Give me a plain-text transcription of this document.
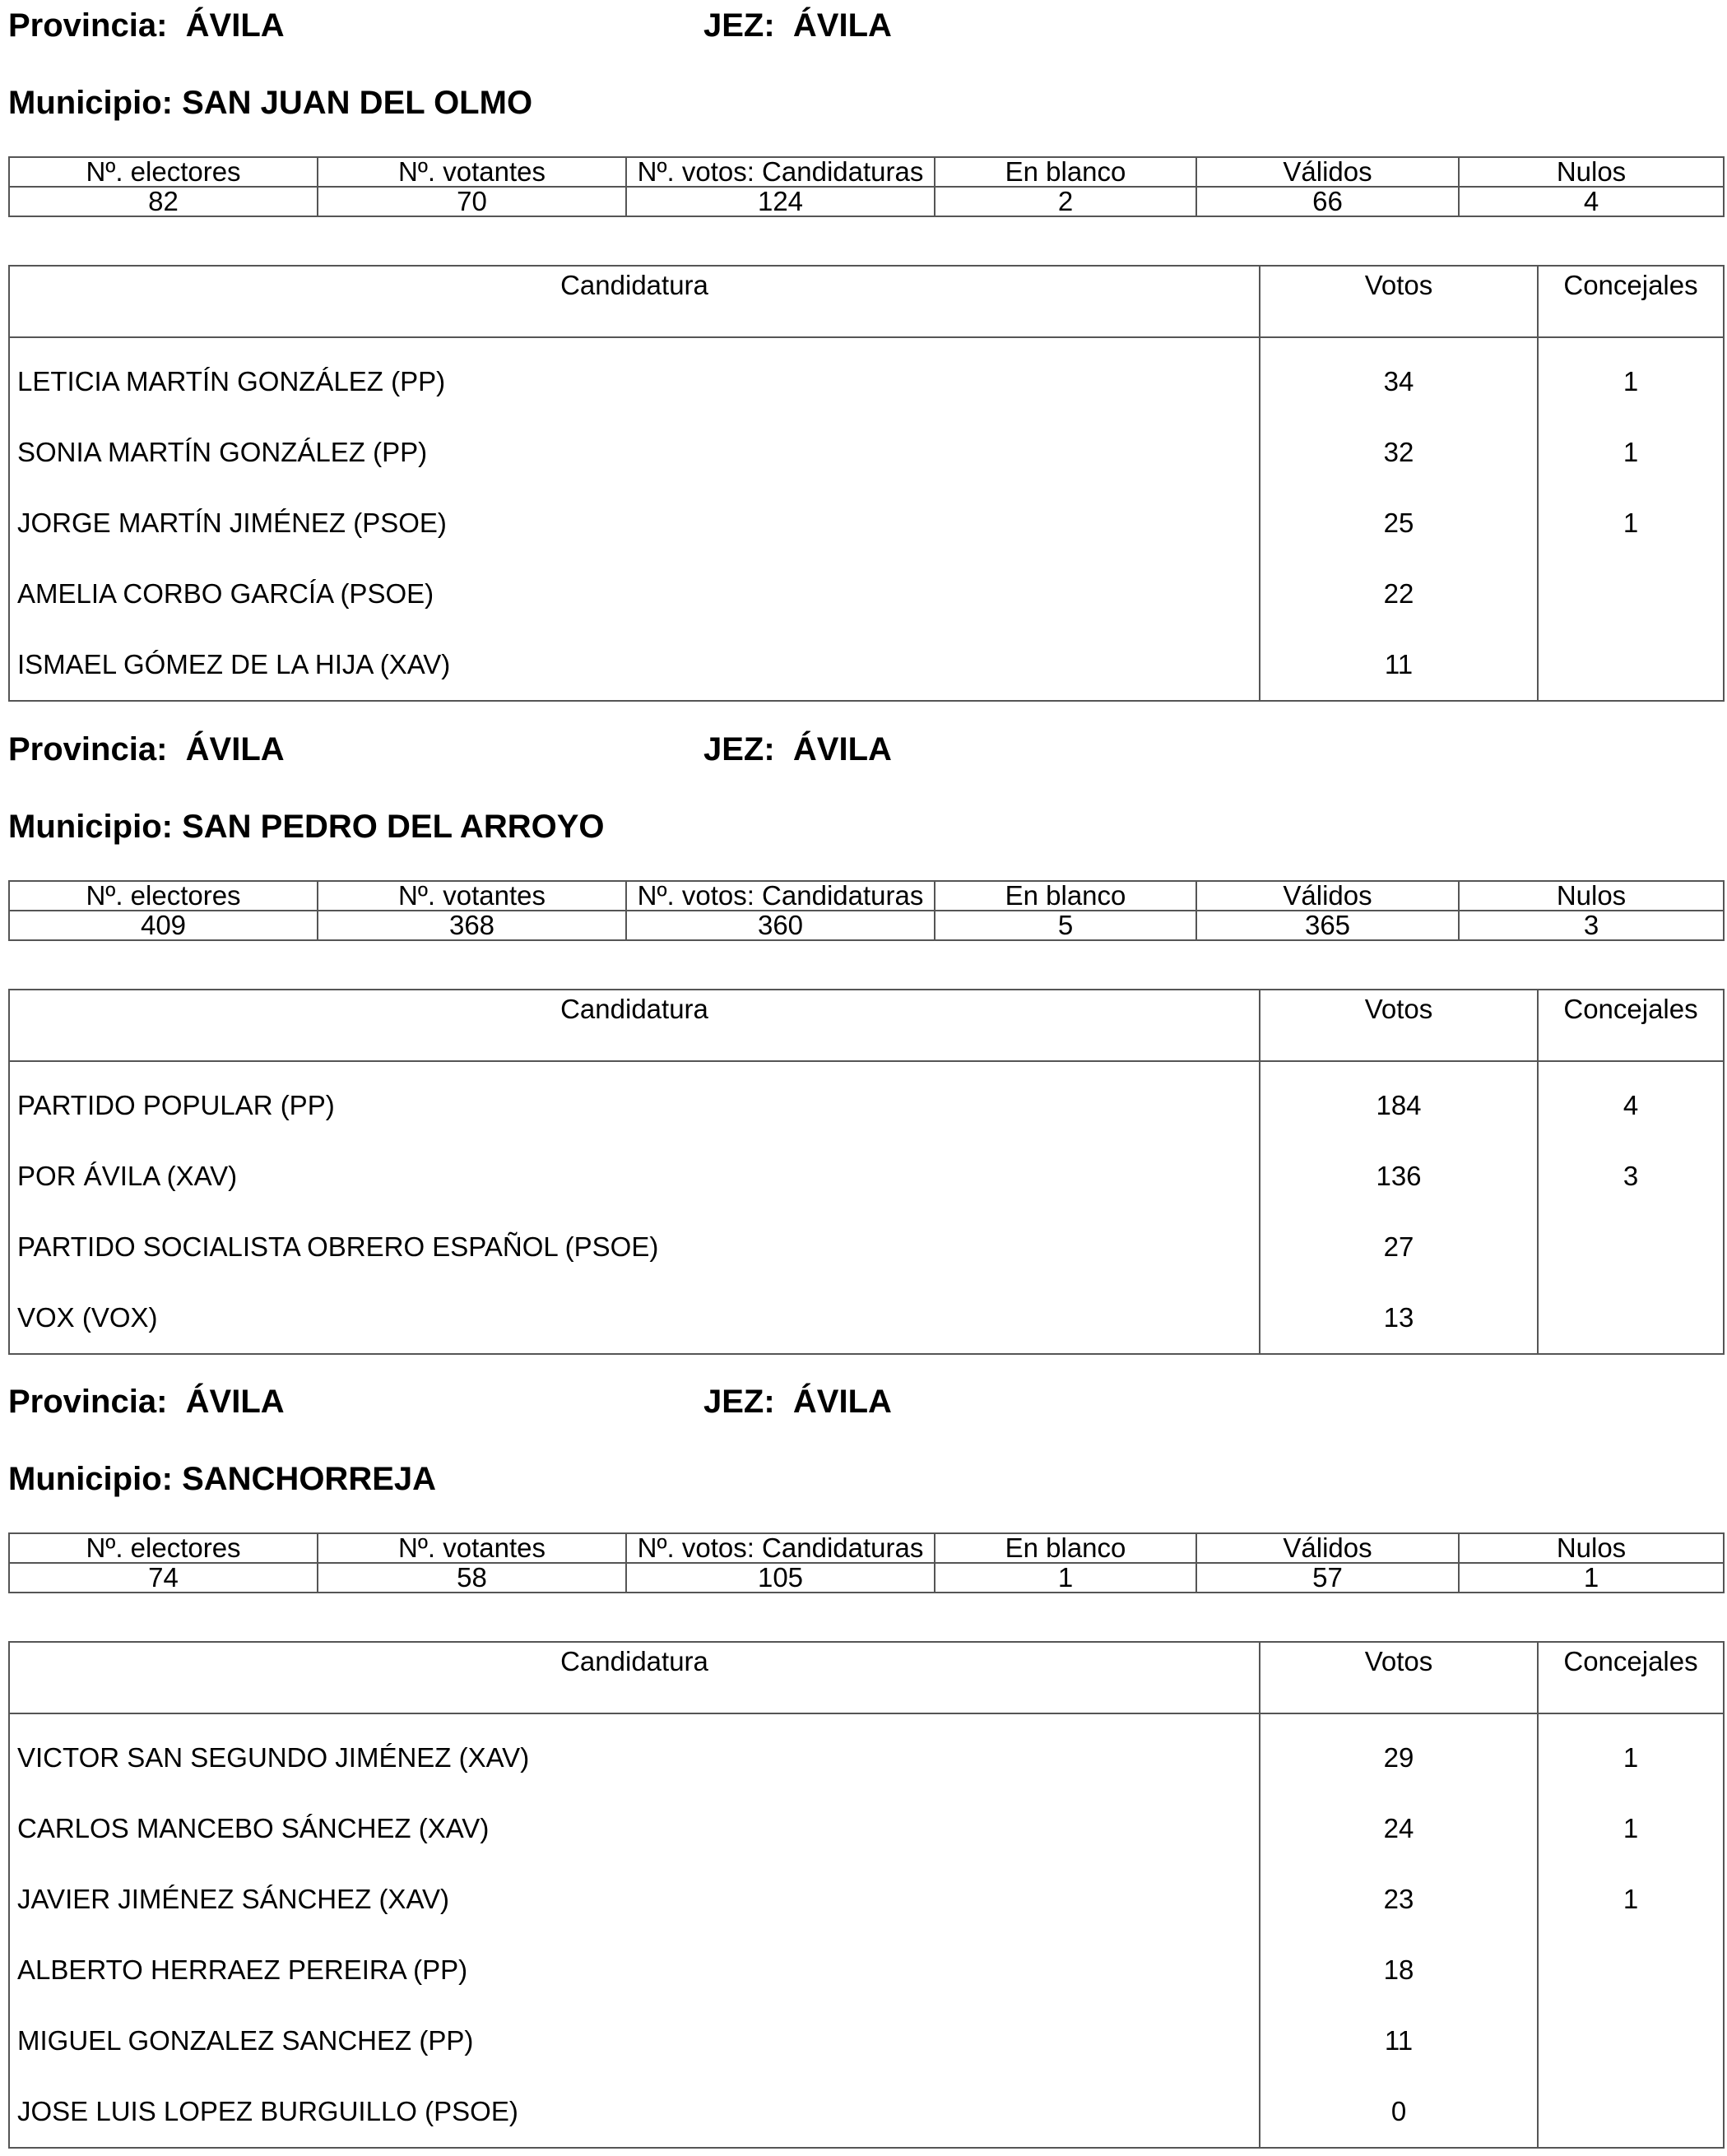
Provincia: ÁVILA	JEZ: ÁVILA
Municipio: SAN JUAN DEL OLMO
Nº. electores	Nº. votantes	Nº. votos: Candidaturas	En blanco	Válidos	Nulos
82	70	124	2	66	4
Candidatura	Votos	Concejales
LETICIA MARTÍN GONZÁLEZ (PP)	34	1
SONIA MARTÍN GONZÁLEZ (PP)	32	1
JORGE MARTÍN JIMÉNEZ (PSOE)	25	1
AMELIA CORBO GARCÍA (PSOE)	22	
ISMAEL GÓMEZ DE LA HIJA (XAV)	11	
Provincia: ÁVILA	JEZ: ÁVILA
Municipio: SAN PEDRO DEL ARROYO
Nº. electores	Nº. votantes	Nº. votos: Candidaturas	En blanco	Válidos	Nulos
409	368	360	5	365	3
Candidatura	Votos	Concejales
PARTIDO POPULAR (PP)	184	4
POR ÁVILA (XAV)	136	3
PARTIDO SOCIALISTA OBRERO ESPAÑOL (PSOE)	27	
VOX (VOX)	13	
Provincia: ÁVILA	JEZ: ÁVILA
Municipio: SANCHORREJA
Nº. electores	Nº. votantes	Nº. votos: Candidaturas	En blanco	Válidos	Nulos
74	58	105	1	57	1
Candidatura	Votos	Concejales
VICTOR SAN SEGUNDO JIMÉNEZ (XAV)	29	1
CARLOS MANCEBO SÁNCHEZ (XAV)	24	1
JAVIER JIMÉNEZ SÁNCHEZ (XAV)	23	1
ALBERTO HERRAEZ PEREIRA (PP)	18	
MIGUEL GONZALEZ SANCHEZ (PP)	11	
JOSE LUIS LOPEZ BURGUILLO (PSOE)	0	
